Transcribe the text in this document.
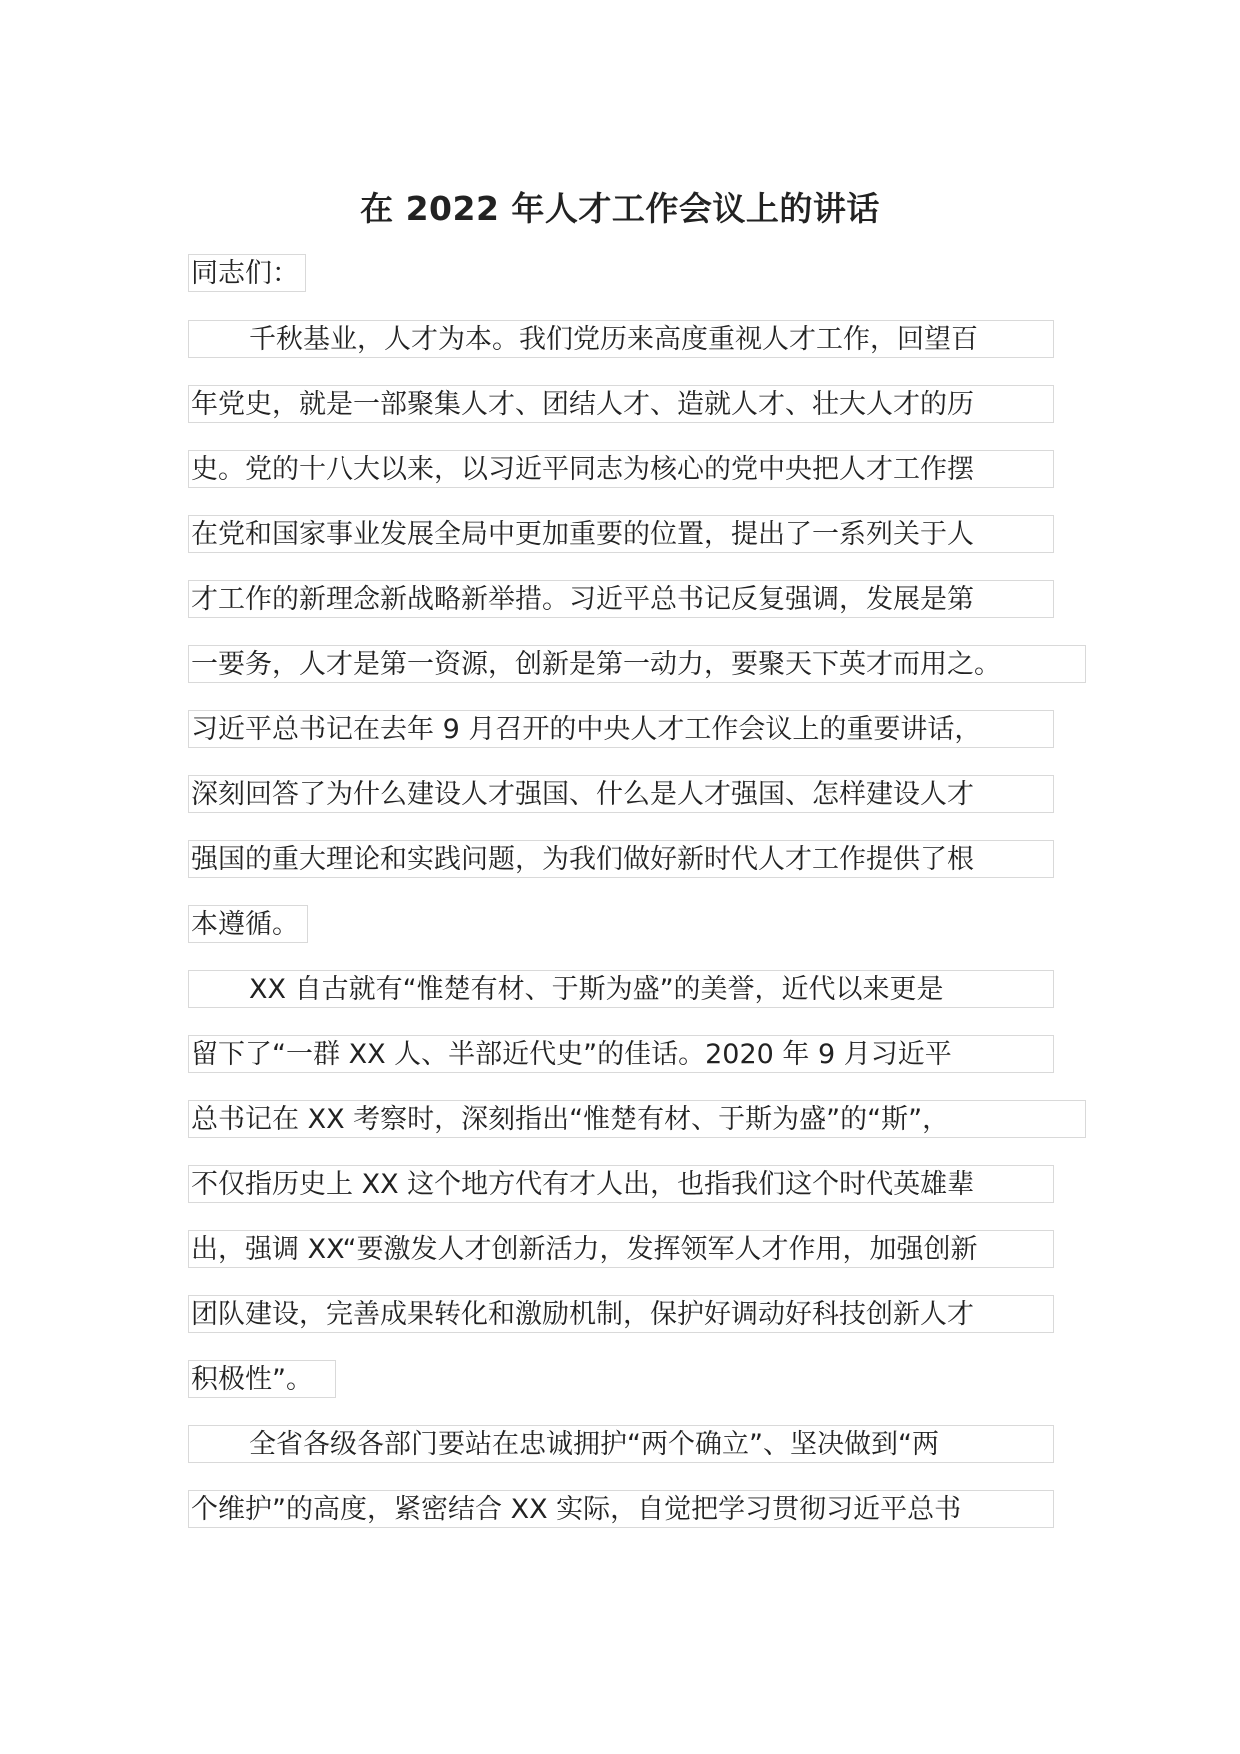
在 2022 年人才工作会议上的讲话
同志们：
千秋基业，人才为本。我们党历来高度重视人才工作，回望百
年党史，就是一部聚集人才、团结人才、造就人才、壮大人才的历
史。党的十八大以来，以习近平同志为核心的党中央把人才工作摆
在党和国家事业发展全局中更加重要的位置，提出了一系列关于人
才工作的新理念新战略新举措。习近平总书记反复强调，发展是第
一要务，人才是第一资源，创新是第一动力，要聚天下英才而用之。
习近平总书记在去年 9 月召开的中央人才工作会议上的重要讲话，
深刻回答了为什么建设人才强国、什么是人才强国、怎样建设人才
强国的重大理论和实践问题，为我们做好新时代人才工作提供了根
本遵循。
XX 自古就有“惟楚有材、于斯为盛”的美誉，近代以来更是
留下了“一群 XX 人、半部近代史”的佳话。2020 年 9 月习近平
总书记在 XX 考察时，深刻指出“惟楚有材、于斯为盛”的“斯”，
不仅指历史上 XX 这个地方代有才人出，也指我们这个时代英雄辈
出，强调 XX“要激发人才创新活力，发挥领军人才作用，加强创新
团队建设，完善成果转化和激励机制，保护好调动好科技创新人才
积极性”。
全省各级各部门要站在忠诚拥护“两个确立”、坚决做到“两
个维护”的高度，紧密结合 XX 实际，自觉把学习贯彻习近平总书
